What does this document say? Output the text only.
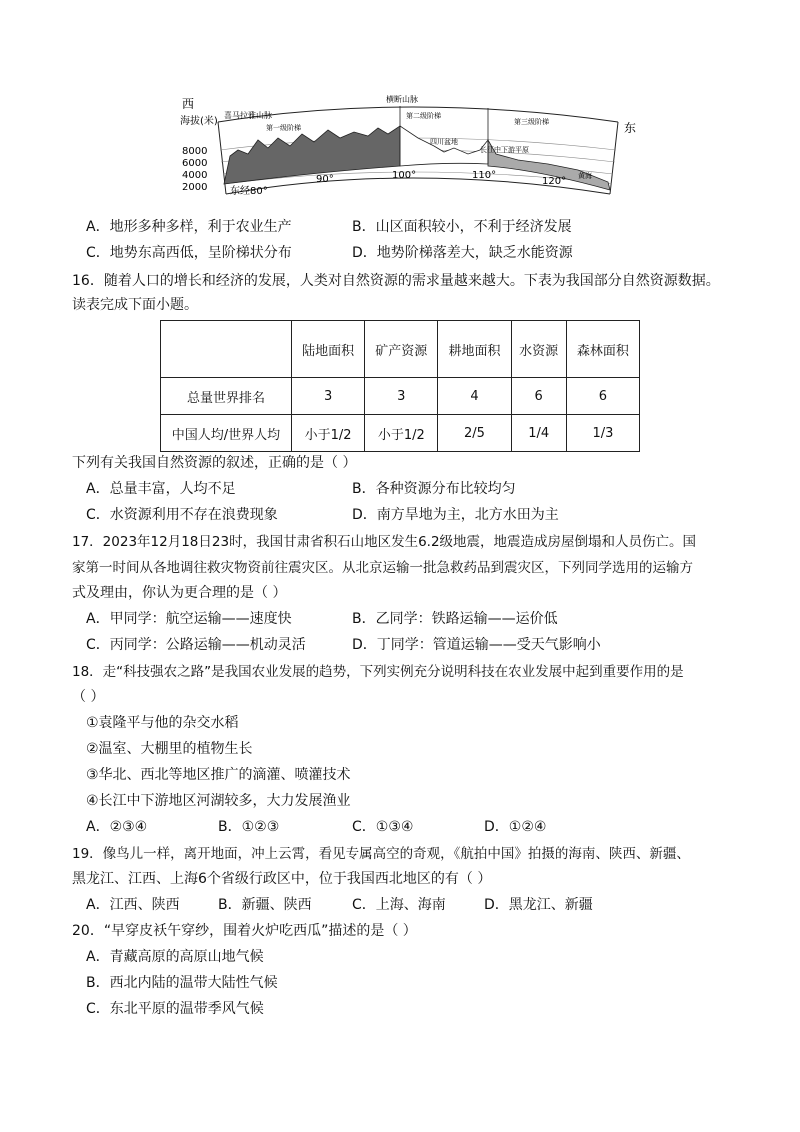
西
东
海拔(米)
8000
6000
4000
2000 东经80°
90°	100°	110°
120°
喜马拉雅山脉
横断山脉
第一级阶梯
第二级阶梯
第三级阶梯
四川盆地
长江中下游平原
黄海
A．地形多种多样，利于农业生产	B．山区面积较小，不利于经济发展
C．地势东高西低，呈阶梯状分布	D．地势阶梯落差大，缺乏水能资源
16．随着人口的增长和经济的发展，人类对自然资源的需求量越来越大。下表为我国部分自然资源数据。
读表完成下面小题。
	陆地面积	矿产资源	耕地面积	水资源	森林面积
总量世界排名	3	3	4	6	6
中国人均/世界人均	小于1/2	小于1/2	2/5	1/4	1/3
下列有关我国自然资源的叙述，正确的是（ ）
A．总量丰富，人均不足	B．各种资源分布比较均匀
C．水资源利用不存在浪费现象	D．南方旱地为主，北方水田为主
17．2023年12月18日23时，我国甘肃省积石山地区发生6.2级地震，地震造成房屋倒塌和人员伤亡。国
家第一时间从各地调往救灾物资前往震灾区。从北京运输一批急救药品到震灾区，下列同学选用的运输方
式及理由，你认为更合理的是（ ）
A．甲同学：航空运输——速度快	B．乙同学：铁路运输——运价低
C．丙同学：公路运输——机动灵活	D．丁同学：管道运输——受天气影响小
18．走“科技强农之路”是我国农业发展的趋势，下列实例充分说明科技在农业发展中起到重要作用的是
（ ）
①袁隆平与他的杂交水稻
②温室、大棚里的植物生长
③华北、西北等地区推广的滴灌、喷灌技术
④长江中下游地区河湖较多，大力发展渔业
A．②③④	B．①②③	C．①③④	D．①②④
19．像鸟儿一样，离开地面，冲上云霄，看见专属高空的奇观，《航拍中国》拍摄的海南、陕西、新疆、
黑龙江、江西、上海6个省级行政区中，位于我国西北地区的有（ ）
A．江西、陕西	B．新疆、陕西	C．上海、海南	D．黑龙江、新疆
20．“早穿皮袄午穿纱，围着火炉吃西瓜”描述的是（ ）
A．青藏高原的高原山地气候
B．西北内陆的温带大陆性气候
C．东北平原的温带季风气候
